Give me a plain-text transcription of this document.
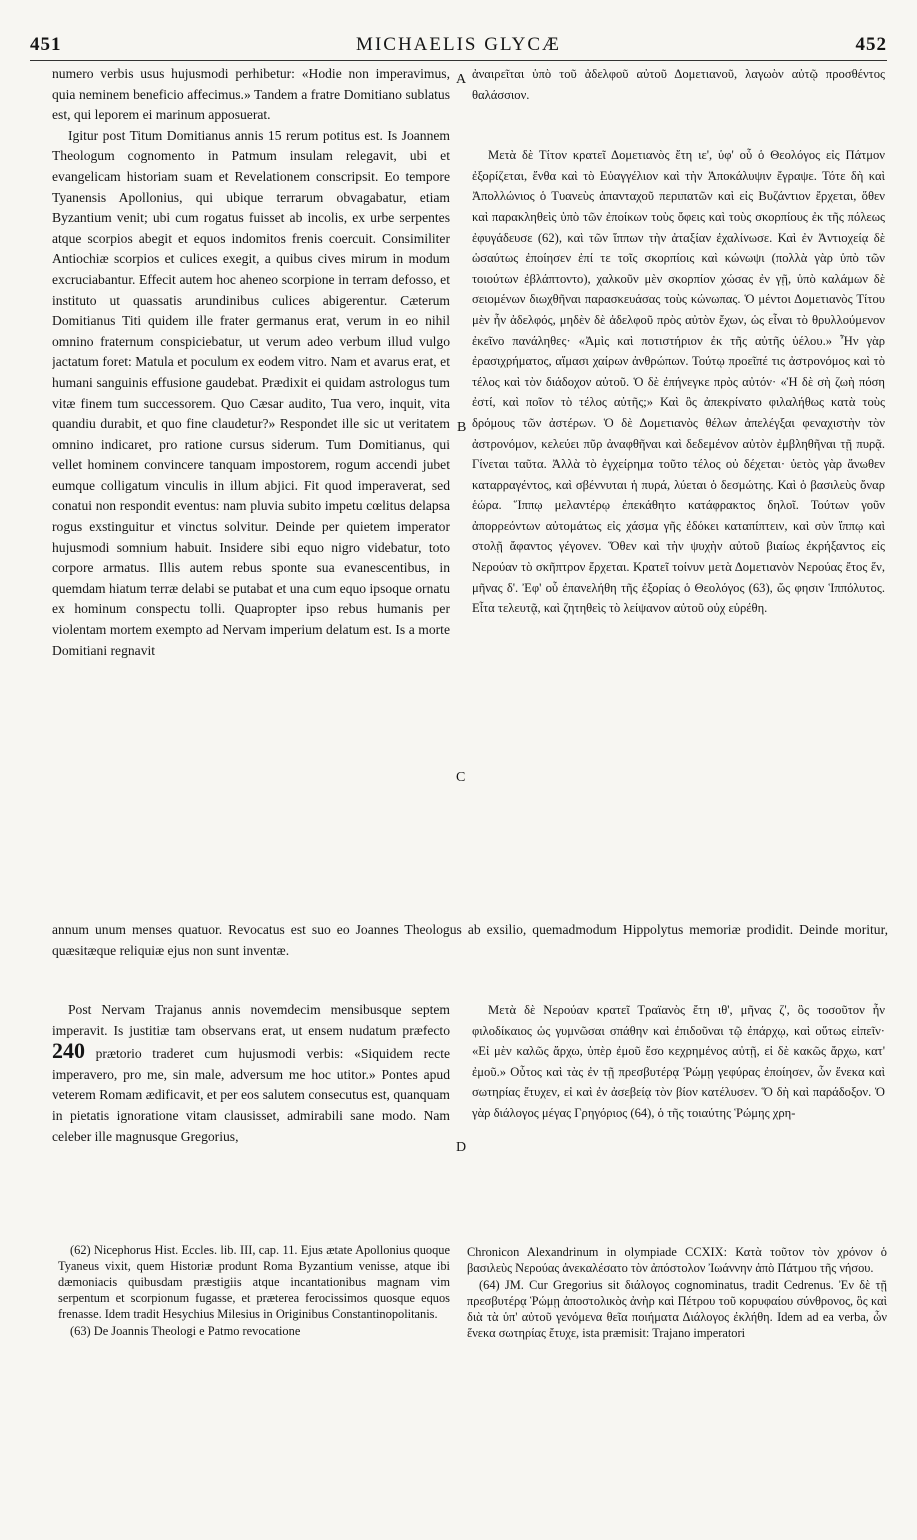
451	MICHAELIS GLYCÆ	452

numero verbis usus hujusmodi perhibetur: «Hodie non imperavimus, quia neminem beneficio affecimus.» Tandem a fratre Domitiano sublatus est, qui leporem ei marinum apposuerat.

Igitur post Titum Domitianus annis 15 rerum potitus est. Is Joannem Theologum cognomento in Patmum insulam relegavit, ubi et evangelicam historiam suam et Revelationem conscripsit. Eo tempore Tyanensis Apollonius, qui ubique terrarum obvagabatur, etiam Byzantium venit; ubi cum rogatus fuisset ab incolis, ex urbe serpentes atque scorpios abegit et equos indomitos frenis coercuit. Consimiliter Antiochiæ scorpios et culices exegit, a quibus cives mirum in modum excruciabantur. Effecit autem hoc aheneo scorpione in terram defosso, et instituto ut quassatis arundinibus culices abigerentur. Cæterum Domitianus Titi quidem ille frater germanus erat, verum in eo nihil omnino fraternum conspiciebatur, ut verum adeo verbum illud vulgo jactatum foret: Matula et poculum ex eodem vitro. Nam et avarus erat, et humani sanguinis effusione gaudebat. Prædixit ei quidam astrologus tum vitæ finem tum successorem. Quo Cæsar audito, Tua vero, inquit, vita quandiu durabit, et quo fine claudetur?» Respondet ille sic ut veritatem omnino indicaret, pro ratione cursus siderum. Tum Domitianus, qui vellet hominem convincere tanquam impostorem, rogum accendi jubet eumque colligatum vinculis in illum abjici. Fit quod imperaverat, sed conatui non respondit eventus: nam pluvia subito impetu cœlitus delapsa rogus exstinguitur et vinctus solvitur. Deinde per quietem imperator hujusmodi somnium habuit. Insidere sibi equo nigro videbatur, toto corpore armatus. Illis autem rebus sponte sua evanescentibus, in quemdam hiatum terræ delabi se putabat et una cum equo ipsoque ornatu ex hominum conspectu tolli. Quapropter ipso rebus humanis per violentam mortem exempto ad Nervam imperium delatum est. Is a morte Domitiani regnavit

ἀναιρεῖται ὑπὸ τοῦ ἀδελφοῦ αὐτοῦ Δομετιανοῦ, λαγωὸν αὐτῷ προσθέντος θαλάσσιον.

Μετὰ δὲ Τίτον κρατεῖ Δομετιανὸς ἔτη ιε', ὑφ' οὗ ὁ Θεολόγος εἰς Πάτμον ἐξορίζεται, ἔνθα καὶ τὸ Εὐαγγέλιον καὶ τὴν Ἀποκάλυψιν ἔγραψε. Τότε δὴ καὶ Ἀπολλώνιος ὁ Τυανεὺς ἁπανταχοῦ περιπατῶν καὶ εἰς Βυζάντιον ἔρχεται, ὅθεν καὶ παρακληθεὶς ὑπὸ τῶν ἐποίκων τοὺς ὄφεις καὶ τοὺς σκορπίους ἐκ τῆς πόλεως ἐφυγάδευσε (62), καὶ τῶν ἵππων τὴν ἀταξίαν ἐχαλίνωσε. Καὶ ἐν Ἀντιοχείᾳ δὲ ὡσαύτως ἐποίησεν ἐπί τε τοῖς σκορπίοις καὶ κώνωψι (πολλὰ γὰρ ὑπὸ τῶν τοιούτων ἐβλάπτοντο), χαλκοῦν μὲν σκορπίον χώσας ἐν γῇ, ὑπὸ καλάμων δὲ σειομένων διωχθῆναι παρασκευάσας τοὺς κώνωπας. Ὁ μέντοι Δομετιανὸς Τίτου μὲν ἦν ἀδελφός, μηδὲν δὲ ἀδελφοῦ πρὸς αὐτὸν ἔχων, ὡς εἶναι τὸ θρυλλούμενον ἐκεῖνο πανάληθες· «Ἀμὶς καὶ ποτιστήριον ἐκ τῆς αὐτῆς ὑέλου.» Ἦν γὰρ ἐρασιχρήματος, αἵμασι χαίρων ἀνθρώπων. Τούτῳ προεῖπέ τις ἀστρονόμος καὶ τὸ τέλος καὶ τὸν διάδοχον αὐτοῦ. Ὁ δὲ ἐπήνεγκε πρὸς αὐτόν· «Ἡ δὲ σὴ ζωὴ πόση ἐστί, καὶ ποῖον τὸ τέλος αὐτῆς;» Καὶ ὃς ἀπεκρίνατο φιλαλήθως κατὰ τοὺς δρόμους τῶν ἀστέρων. Ὁ δὲ Δομετιανὸς θέλων ἀπελέγξαι φεναχιστὴν τὸν ἀστρονόμον, κελεύει πῦρ ἀναφθῆναι καὶ δεδεμένον αὐτὸν ἐμβληθῆναι τῇ πυρᾷ. Γίνεται ταῦτα. Ἀλλὰ τὸ ἐγχείρημα τοῦτο τέλος οὐ δέχεται· ὑετὸς γὰρ ἄνωθεν καταρραγέντος, καὶ σβέννυται ἡ πυρά, λύεται ὁ δεσμώτης. Καὶ ὁ βασιλεὺς ὄναρ ἑώρα. Ἵππῳ μελαντέρῳ ἐπεκάθητο κατάφρακτος δηλοῖ. Τούτων γοῦν ἀπορρεόντων αὐτομάτως εἰς χάσμα γῆς ἐδόκει καταπίπτειν, καὶ σὺν ἵππῳ καὶ στολῇ ἄφαντος γέγονεν. Ὅθεν καὶ τὴν ψυχὴν αὐτοῦ βιαίως ἐκρήξαντος εἰς Νερούαν τὸ σκῆπτρον ἔρχεται. Κρατεῖ τοίνυν μετὰ Δομετιανὸν Νερούας ἔτος ἕν, μῆνας δ'. Ἐφ' οὗ ἐπανελήθη τῆς ἐξορίας ὁ Θεολόγος (63), ὥς φησιν Ἱππόλυτος. Εἶτα τελευτᾷ, καὶ ζητηθεὶς τὸ λείψανον αὐτοῦ οὐχ εὑρέθη.

annum unum menses quatuor. Revocatus est suo eo Joannes Theologus ab exsilio, quemadmodum Hippolytus memoriæ prodidit. Deinde moritur, quæsitæque reliquiæ ejus non sunt inventæ.

Post Nervam Trajanus annis novemdecim mensibusque septem imperavit. Is justitiæ tam observans erat, ut ensem nudatum præfecto 240 prætorio traderet cum hujusmodi verbis: «Siquidem recte imperavero, pro me, sin male, adversum me hoc utitor.» Pontes apud veterem Romam ædificavit, et per eos salutem consecutus est, quanquam in pietatis ignoratione vitam clausisset, admirabili sane modo. Nam celeber ille magnusque Gregorius,

Μετὰ δὲ Νερούαν κρατεῖ Τραϊανὸς ἔτη ιθ', μῆνας ζ', ὃς τοσοῦτον ἦν φιλοδίκαιος ὡς γυμνῶσαι σπάθην καὶ ἐπιδοῦναι τῷ ἐπάρχῳ, καὶ οὕτως εἰπεῖν· «Εἰ μὲν καλῶς ἄρχω, ὑπὲρ ἐμοῦ ἔσο κεχρημένος αὐτῇ, εἰ δὲ κακῶς ἄρχω, κατ' ἐμοῦ.» Οὗτος καὶ τὰς ἐν τῇ πρεσβυτέρᾳ Ῥώμῃ γεφύρας ἐποίησεν, ὧν ἕνεκα καὶ σωτηρίας ἔτυχεν, εἰ καὶ ἐν ἀσεβείᾳ τὸν βίον κατέλυσεν. Ὅ δὴ καὶ παράδοξον. Ὁ γὰρ διάλογος μέγας Γρηγόριος (64), ὁ τῆς τοιαύτης Ῥώμης χρη-

A
B
C
D

(62) Nicephorus Hist. Eccles. lib. III, cap. 11. Ejus ætate Apollonius quoque Tyaneus vixit, quem Historiæ produnt Roma Byzantium venisse, atque ibi dæmoniacis quibusdam præstigiis atque incantationibus magnam vim serpentum et scorpionum fugasse, et præterea ferocissimos quosque equos frenasse. Idem tradit Hesychius Milesius in Originibus Constantinopolitanis.

(63) De Joannis Theologi e Patmo revocatione

Chronicon Alexandrinum in olympiade CCXIX: Κατὰ τοῦτον τὸν χρόνον ὁ βασιλεὺς Νερούας ἀνεκαλέσατο τὸν ἀπόστολον Ἰωάννην ἀπὸ Πάτμου τῆς νήσου.

(64) JM. Cur Gregorius sit διάλογος cognominatus, tradit Cedrenus. Ἐν δὲ τῇ πρεσβυτέρᾳ Ῥώμῃ ἀποστολικὸς ἀνὴρ καὶ Πέτρου τοῦ κορυφαίου σύνθρονος, ὃς καὶ διὰ τὰ ὑπ' αὐτοῦ γενόμενα θεῖα ποιήματα Διάλογος ἐκλήθη. Idem ad ea verba, ὧν ἕνεκα σωτηρίας ἔτυχε, ista præmisit: Trajano imperatori
